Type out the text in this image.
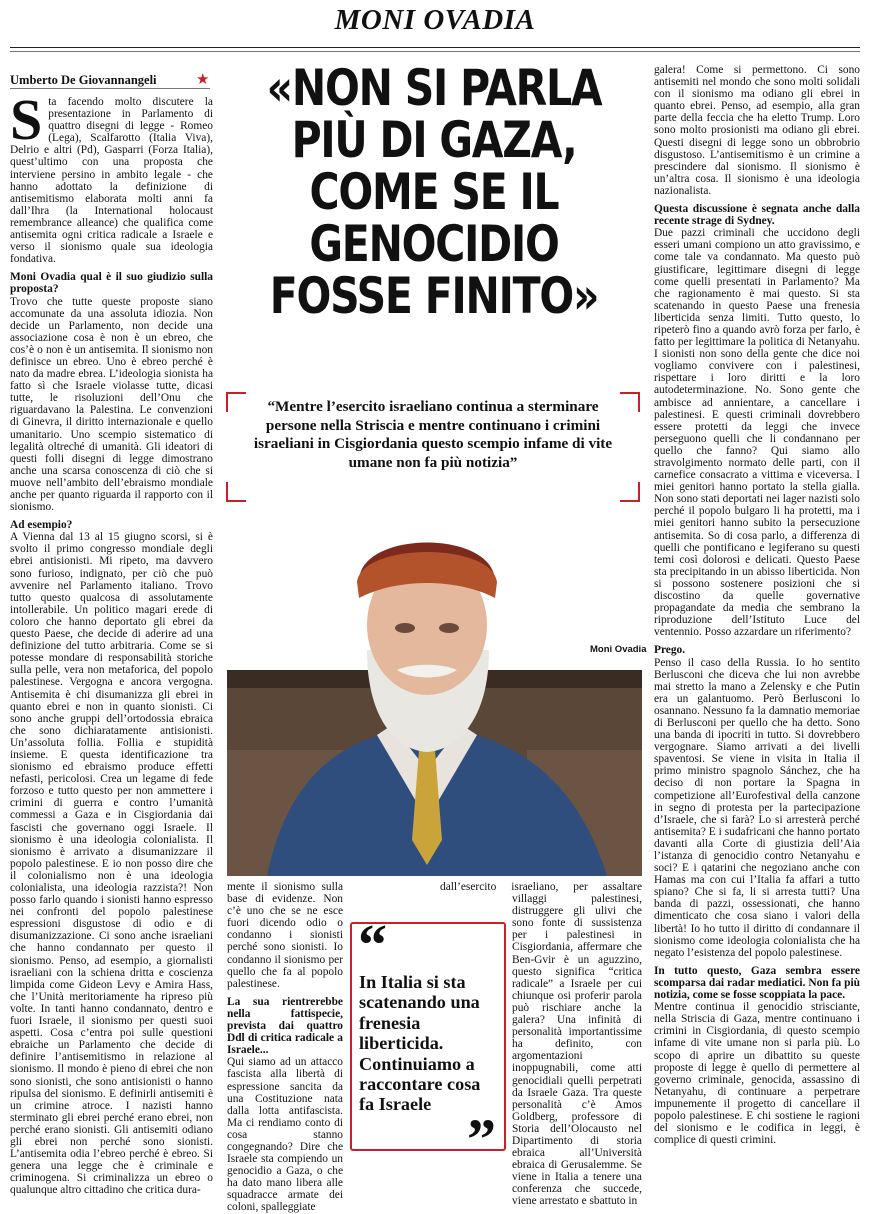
MONI OVADIA
Umberto De Giovannangeli	★

Sta facendo molto discutere la presentazione in Parlamento di quattro disegni di legge - Romeo (Lega), Scalfarotto (Italia Viva), Delrio e altri (Pd), Gasparri (Forza Italia), quest’ultimo con una proposta che interviene persino in ambito legale - che hanno adottato la definizione di antisemitismo elaborata molti anni fa dall’Ihra (la International holocaust remembrance alleance) che qualifica come antisemita ogni critica radicale a Israele e verso il sionismo quale sua ideologia fondativa.

Moni Ovadia qual è il suo giudizio sulla proposta?

Trovo che tutte queste proposte siano accomunate da una assoluta idiozia. Non decide un Parlamento, non decide una associazione cosa è non è un ebreo, che cos’è o non è un antisemita. Il sionismo non definisce un ebreo. Uno è ebreo perché è nato da madre ebrea. L’ideologia sionista ha fatto sì che Israele violasse tutte, dicasi tutte, le risoluzioni dell’Onu che riguardavano la Palestina. Le convenzioni di Ginevra, il diritto internazionale e quello umanitario. Uno scempio sistematico di legalità oltreché di umanità. Gli ideatori di questi folli disegni di legge dimostrano anche una scarsa conoscenza di ciò che si muove nell’ambito dell’ebraismo mondiale anche per quanto riguarda il rapporto con il sionismo.

Ad esempio?

A Vienna dal 13 al 15 giugno scorsi, si è svolto il primo congresso mondiale degli ebrei antisionisti. Mi ripeto, ma davvero sono furioso, indignato, per ciò che può avvenire nel Parlamento italiano. Trovo tutto questo qualcosa di assolutamente intollerabile. Un politico magari erede di coloro che hanno deportato gli ebrei da questo Paese, che decide di aderire ad una definizione del tutto arbitraria. Come se si potesse mondare di responsabilità storiche sulla pelle, vera non metaforica, del popolo palestinese. Vergogna e ancora vergogna. Antisemita è chi disumanizza gli ebrei in quanto ebrei e non in quanto sionisti. Ci sono anche gruppi dell’ortodossia ebraica che sono dichiaratamente antisionisti. Un’assoluta follia. Follia e stupidità insieme. E questa identificazione tra sionismo ed ebraismo produce effetti nefasti, pericolosi. Crea un legame di fede forzoso e tutto questo per non ammettere i crimini di guerra e contro l’umanità commessi a Gaza e in Cisgiordania dai fascisti che governano oggi Israele. Il sionismo è una ideologia colonialista. Il sionismo è arrivato a disumanizzare il popolo palestinese. E io non posso dire che il colonialismo non è una ideologia colonialista, una ideologia razzista?! Non posso farlo quando i sionisti hanno espresso nei confronti del popolo palestinese espressioni disgustose di odio e di disumanizzazione. Ci sono anche israeliani che hanno condannato per questo il sionismo. Penso, ad esempio, a giornalisti israeliani con la schiena dritta e coscienza limpida come Gideon Levy e Amira Hass, che l’Unità meritoriamente ha ripreso più volte. In tanti hanno condannato, dentro e fuori Israele, il sionismo per questi suoi aspetti. Cosa c’entra poi sulle questioni ebraiche un Parlamento che decide di definire l’antisemitismo in relazione al sionismo. Il mondo è pieno di ebrei che non sono sionisti, che sono antisionisti o hanno ripulsa del sionismo. E definirli antisemiti è un crimine atroce. I nazisti hanno sterminato gli ebrei perché erano ebrei, non perché erano sionisti. Gli antisemiti odiano gli ebrei non perché sono sionisti. L’antisemita odia l’ebreo perché è ebreo. Si genera una legge che è criminale e criminogena. Si criminalizza un ebreo o qualunque altro cittadino che critica dura-

«NON SI PARLA PIÙ DI GAZA, COME SE IL GENOCIDIO FOSSE FINITO»
“Mentre l’esercito israeliano continua a sterminare persone nella Striscia e mentre continuano i crimini israeliani in Cisgiordania questo scempio infame di vite umane non fa più notizia”
Moni Ovadia

mente il sionismo sulla base di evidenze. Non c’è uno che se ne esce fuori dicendo odio o condanno i sionisti perché sono sionisti. Io condanno il sionismo per quello che fa al popolo palestinese.

La sua rientrerebbe nella fattispecie, prevista dai quattro Ddl di critica radicale a Israele...

Qui siamo ad un attacco fascista alla libertà di espressione sancita da una Costituzione nata dalla lotta antifascista. Ma ci rendiamo conto di cosa stanno congegnando? Dire che Israele sta compiendo un genocidio a Gaza, o che ha dato mano libera alle squadracce armate dei coloni, spalleggiate

dall’esercito israeliano, per assaltare villaggi palestinesi, distruggere gli ulivi che sono fonte di sussistenza per i palestinesi in Cisgiordania, affermare che Ben-Gvir è un aguzzino, questo significa “critica radicale” a Israele per cui chiunque osi proferir parola può rischiare anche la galera? Una infinità di personalità importantissime ha definito, con argomentazioni inoppugnabili, come atti genocidiali quelli perpetrati da Israele Gaza. Tra queste personalità c’è Amos Goldberg, professore di Storia dell’Olocausto nel Dipartimento di storia ebraica all’Università ebraica di Gerusalemme. Se viene in Italia a tenere una conferenza che succede, viene arrestato e sbattuto in

“
In Italia si sta scatenando una frenesia liberticida. Continuiamo a raccontare cosa fa Israele
”

galera! Come si permettono. Ci sono antisemiti nel mondo che sono molti solidali con il sionismo ma odiano gli ebrei in quanto ebrei. Penso, ad esempio, alla gran parte della feccia che ha eletto Trump. Loro sono molto prosionisti ma odiano gli ebrei. Questi disegni di legge sono un obbrobrio disgustoso. L’antisemitismo è un crimine a prescindere dal sionismo. Il sionismo è un’altra cosa. Il sionismo è una ideologia nazionalista.

Questa discussione è segnata anche dalla recente strage di Sydney.

Due pazzi criminali che uccidono degli esseri umani compiono un atto gravissimo, e come tale va condannato. Ma questo può giustificare, legittimare disegni di legge come quelli presentati in Parlamento? Ma che ragionamento è mai questo. Si sta scatenando in questo Paese una frenesia liberticida senza limiti. Tutto questo, lo ripeterò fino a quando avrò forza per farlo, è fatto per legittimare la politica di Netanyahu. I sionisti non sono della gente che dice noi vogliamo convivere con i palestinesi, rispettare i loro diritti e la loro autodeterminazione. No. Sono gente che ambisce ad annientare, a cancellare i palestinesi. E questi criminali dovrebbero essere protetti da leggi che invece perseguono quelli che li condannano per quello che fanno? Qui siamo allo stravolgimento normato delle parti, con il carnefice consacrato a vittima e viceversa. I miei genitori hanno portato la stella gialla. Non sono stati deportati nei lager nazisti solo perché il popolo bulgaro li ha protetti, ma i miei genitori hanno subito la persecuzione antisemita. So di cosa parlo, a differenza di quelli che pontificano e legiferano su questi temi così dolorosi e delicati. Questo Paese sta precipitando in un abisso liberticida. Non si possono sostenere posizioni che si discostino da quelle governative propagandate da media che sembrano la riproduzione dell’Istituto Luce del ventennio. Posso azzardare un riferimento?

Prego.

Penso il caso della Russia. Io ho sentito Berlusconi che diceva che lui non avrebbe mai stretto la mano a Zelensky e che Putin era un galantuomo. Però Berlusconi lo osannano. Nessuno fa la damnatio memoriae di Berlusconi per quello che ha detto. Sono una banda di ipocriti in tutto. Si dovrebbero vergognare. Siamo arrivati a dei livelli spaventosi. Se viene in visita in Italia il primo ministro spagnolo Sánchez, che ha deciso di non portare la Spagna in competizione all’Eurofestival della canzone in segno di protesta per la partecipazione d’Israele, che si farà? Lo si arresterà perché antisemita? E i sudafricani che hanno portato davanti alla Corte di giustizia dell’Aia l’istanza di genocidio contro Netanyahu e soci? E i qatarini che negoziano anche con Hamas ma con cui l’Italia fa affari a tutto spiano? Che si fa, li si arresta tutti? Una banda di pazzi, ossessionati, che hanno dimenticato che cosa siano i valori della libertà! Io ho tutto il diritto di condannare il sionismo come ideologia colonialista che ha negato l’esistenza del popolo palestinese.

In tutto questo, Gaza sembra essere scomparsa dai radar mediatici. Non fa più notizia, come se fosse scoppiata la pace.

Mentre continua il genocidio strisciante, nella Striscia di Gaza, mentre continuano i crimini in Cisgiordania, di questo scempio infame di vite umane non si parla più. Lo scopo di aprire un dibattito su queste proposte di legge è quello di permettere al governo criminale, genocida, assassino di Netanyahu, di continuare a perpetrare impunemente il progetto di cancellare il popolo palestinese. E chi sostiene le ragioni del sionismo e le codifica in leggi, è complice di questi crimini.
